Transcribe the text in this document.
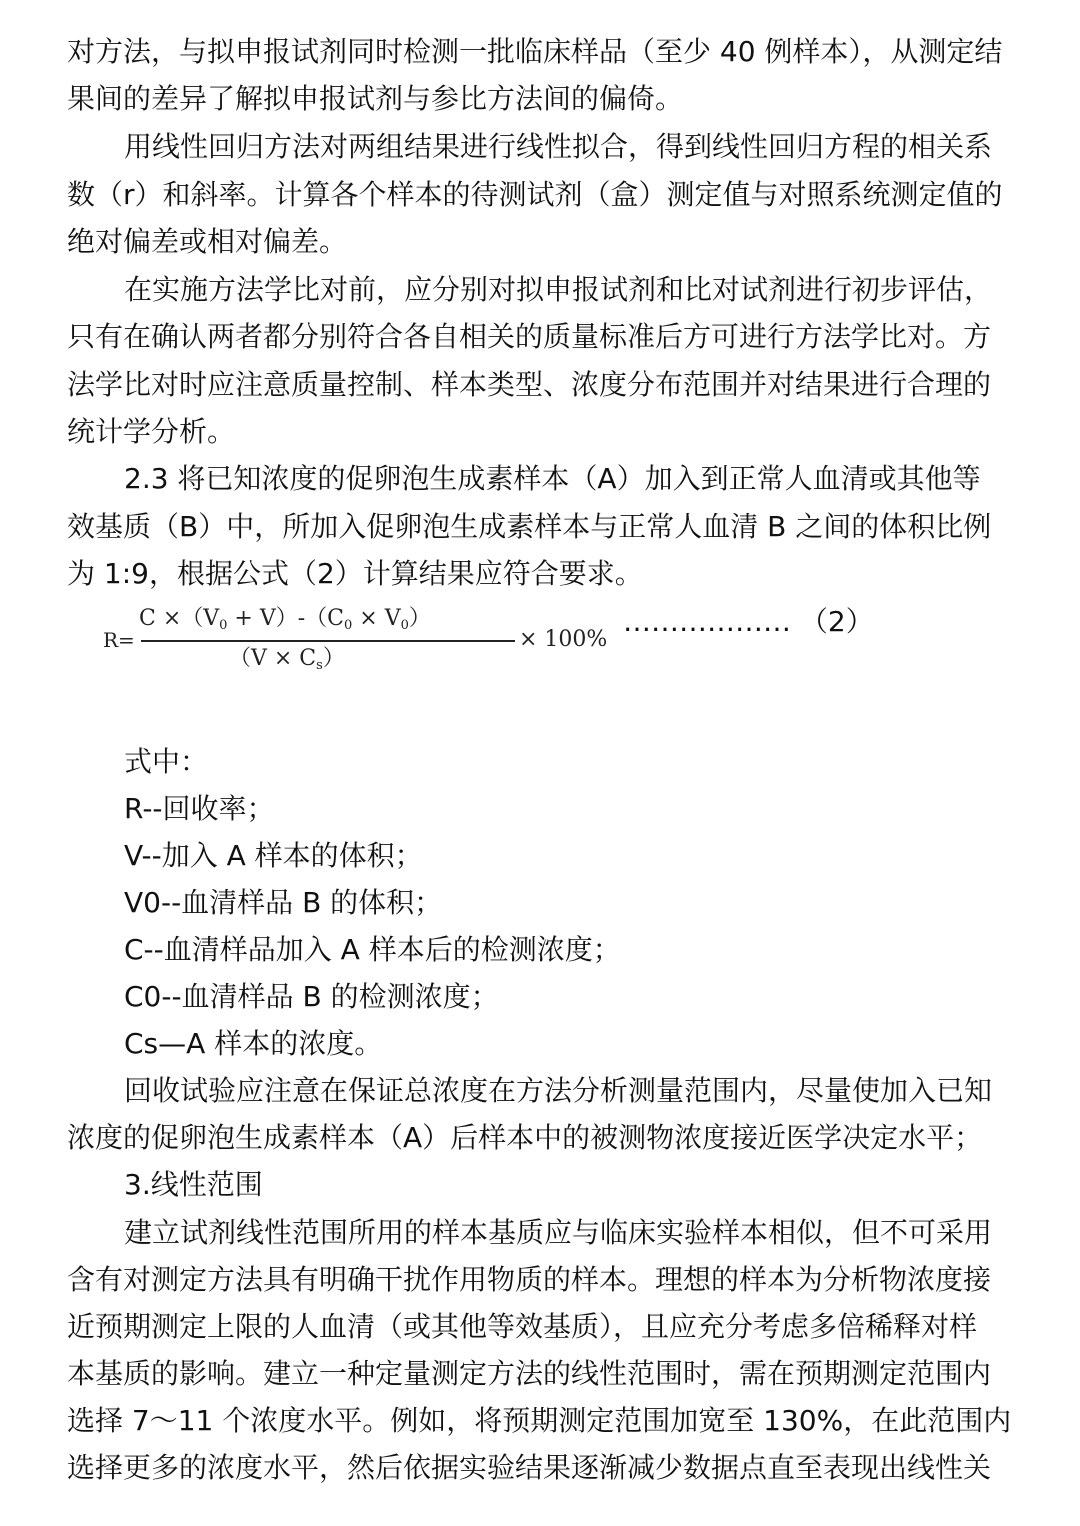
对方法，与拟申报试剂同时检测一批临床样品（至少 40 例样本），从测定结
果间的差异了解拟申报试剂与参比方法间的偏倚。
用线性回归方法对两组结果进行线性拟合，得到线性回归方程的相关系
数（r）和斜率。计算各个样本的待测试剂（盒）测定值与对照系统测定值的
绝对偏差或相对偏差。
在实施方法学比对前，应分别对拟申报试剂和比对试剂进行初步评估，
只有在确认两者都分别符合各自相关的质量标准后方可进行方法学比对。方
法学比对时应注意质量控制、样本类型、浓度分布范围并对结果进行合理的
统计学分析。
2.3 将已知浓度的促卵泡生成素样本（A）加入到正常人血清或其他等
效基质（B）中，所加入促卵泡生成素样本与正常人血清 B 之间的体积比例
为 1:9，根据公式（2）计算结果应符合要求。
R=
$C \times(V_0 + V)-(C_0 \times V_0)$
$(V \times C_s)$
× 100%
……………… （2）
式中：
R--回收率；
V--加入 A 样本的体积；
V0--血清样品 B 的体积；
C--血清样品加入 A 样本后的检测浓度；
C0--血清样品 B 的检测浓度；
Cs—A 样本的浓度。
回收试验应注意在保证总浓度在方法分析测量范围内，尽量使加入已知
浓度的促卵泡生成素样本（A）后样本中的被测物浓度接近医学决定水平；
3.线性范围
建立试剂线性范围所用的样本基质应与临床实验样本相似，但不可采用
含有对测定方法具有明确干扰作用物质的样本。理想的样本为分析物浓度接
近预期测定上限的人血清（或其他等效基质），且应充分考虑多倍稀释对样
本基质的影响。建立一种定量测定方法的线性范围时，需在预期测定范围内
选择 7～11 个浓度水平。例如，将预期测定范围加宽至 130%，在此范围内
选择更多的浓度水平，然后依据实验结果逐渐减少数据点直至表现出线性关
